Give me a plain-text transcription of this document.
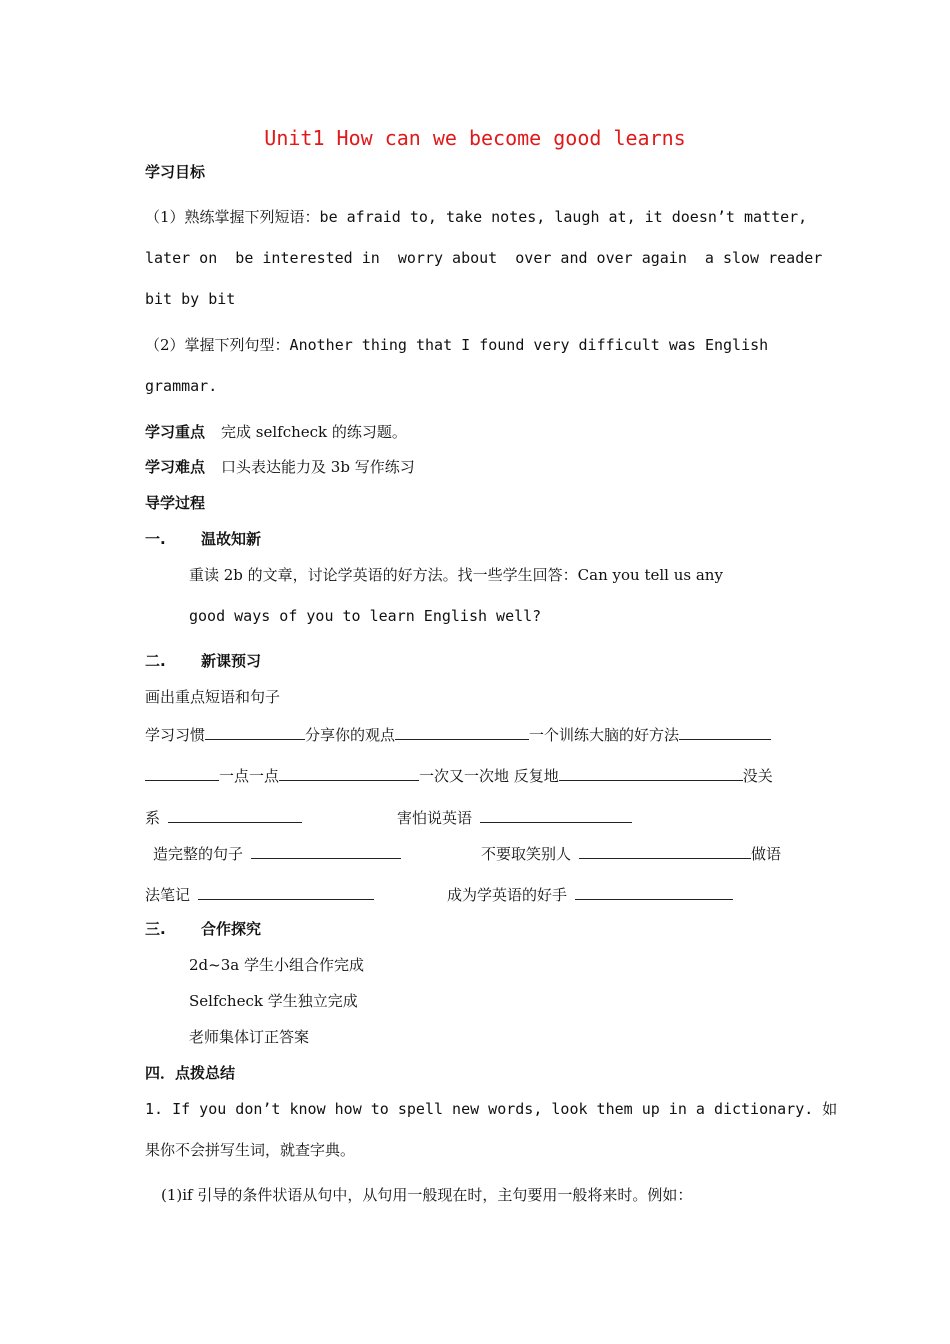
Unit1 How can we become good learns
学习目标
（1）熟练掌握下列短语：be afraid to, take notes, laugh at, it doesn’t matter,
later on  be interested in  worry about  over and over again  a slow reader
bit by bit
（2）掌握下列句型：Another thing that I found very difficult was English
grammar.
学习重点 完成 selfcheck 的练习题。
学习难点 口头表达能力及 3b 写作练习
导学过程
一. 温故知新
重读 2b 的文章，讨论学英语的好方法。找一些学生回答：Can you tell us any
good ways of you to learn English well?
二. 新课预习
画出重点短语和句子
学习习惯	分享你的观点	一个训练大脑的好方法
一点一点	一次又一次地 反复地	没关
系	害怕说英语
造完整的句子	不要取笑别人	做语
法笔记	成为学英语的好手
三. 合作探究
2d~3a 学生小组合作完成
Selfcheck 学生独立完成
老师集体订正答案
四．点拨总结
1. If you don’t know how to spell new words, look them up in a dictionary. 如
果你不会拼写生词，就查字典。
(1)if 引导的条件状语从句中，从句用一般现在时，主句要用一般将来时。例如：
